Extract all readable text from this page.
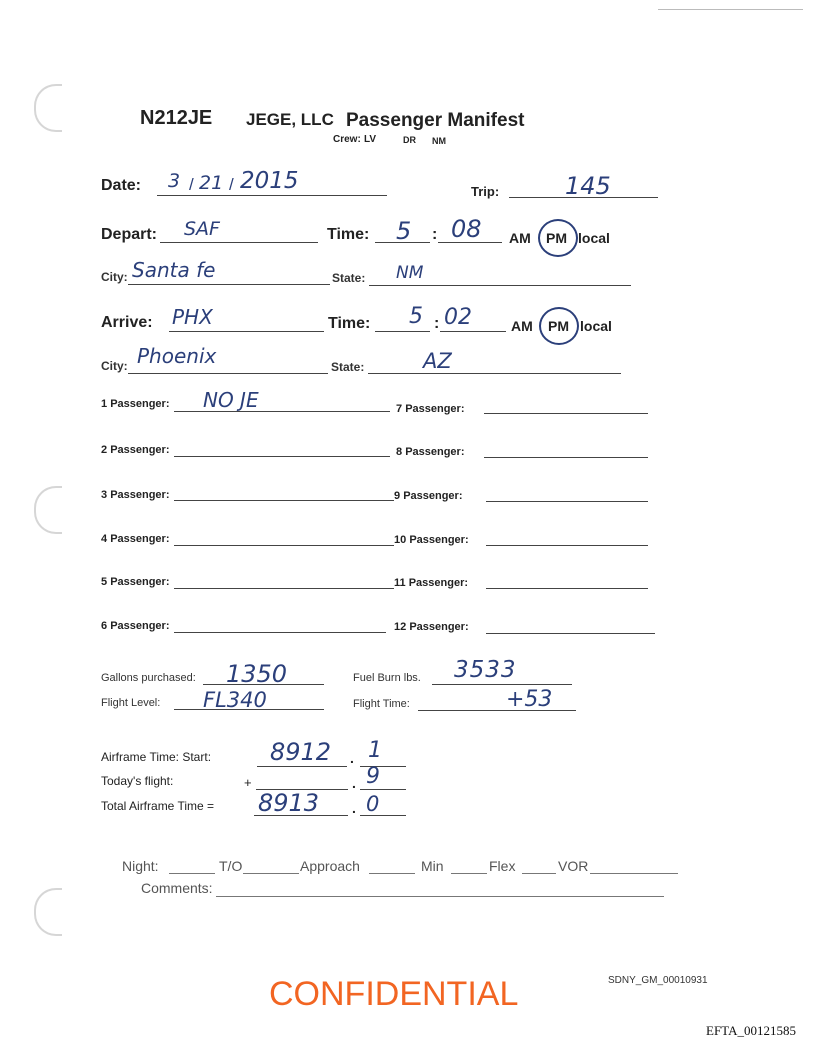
N212JE JEGE, LLC Passenger Manifest
Crew: LV	DR NM
Date: 3 / 21 / 2015	Trip:	145
Depart: SAF	Time: 5 : 08 AM PM local
City: Santa fe	State: NM
Arrive: PHX	Time: 5 : 02	AM PM local
City: Phoenix	State:	AZ
1 Passenger: NO JE	7 Passenger:
2 Passenger:	8 Passenger:
3 Passenger:	9 Passenger:
4 Passenger:	10 Passenger:
5 Passenger:	11 Passenger:
6 Passenger:	12 Passenger:
Gallons purchased: 1350	Fuel Burn lbs. 3533
Flight Level: FL340	Flight Time:	+53
Airframe Time: Start: 8912 . 1
Today's flight:	+	. 9
Total Airframe Time = 8913 . 0
Night:	T/O	Approach	Min	Flex	VOR
Comments:
CONFIDENTIAL	SDNY_GM_00010931
EFTA_00121585
